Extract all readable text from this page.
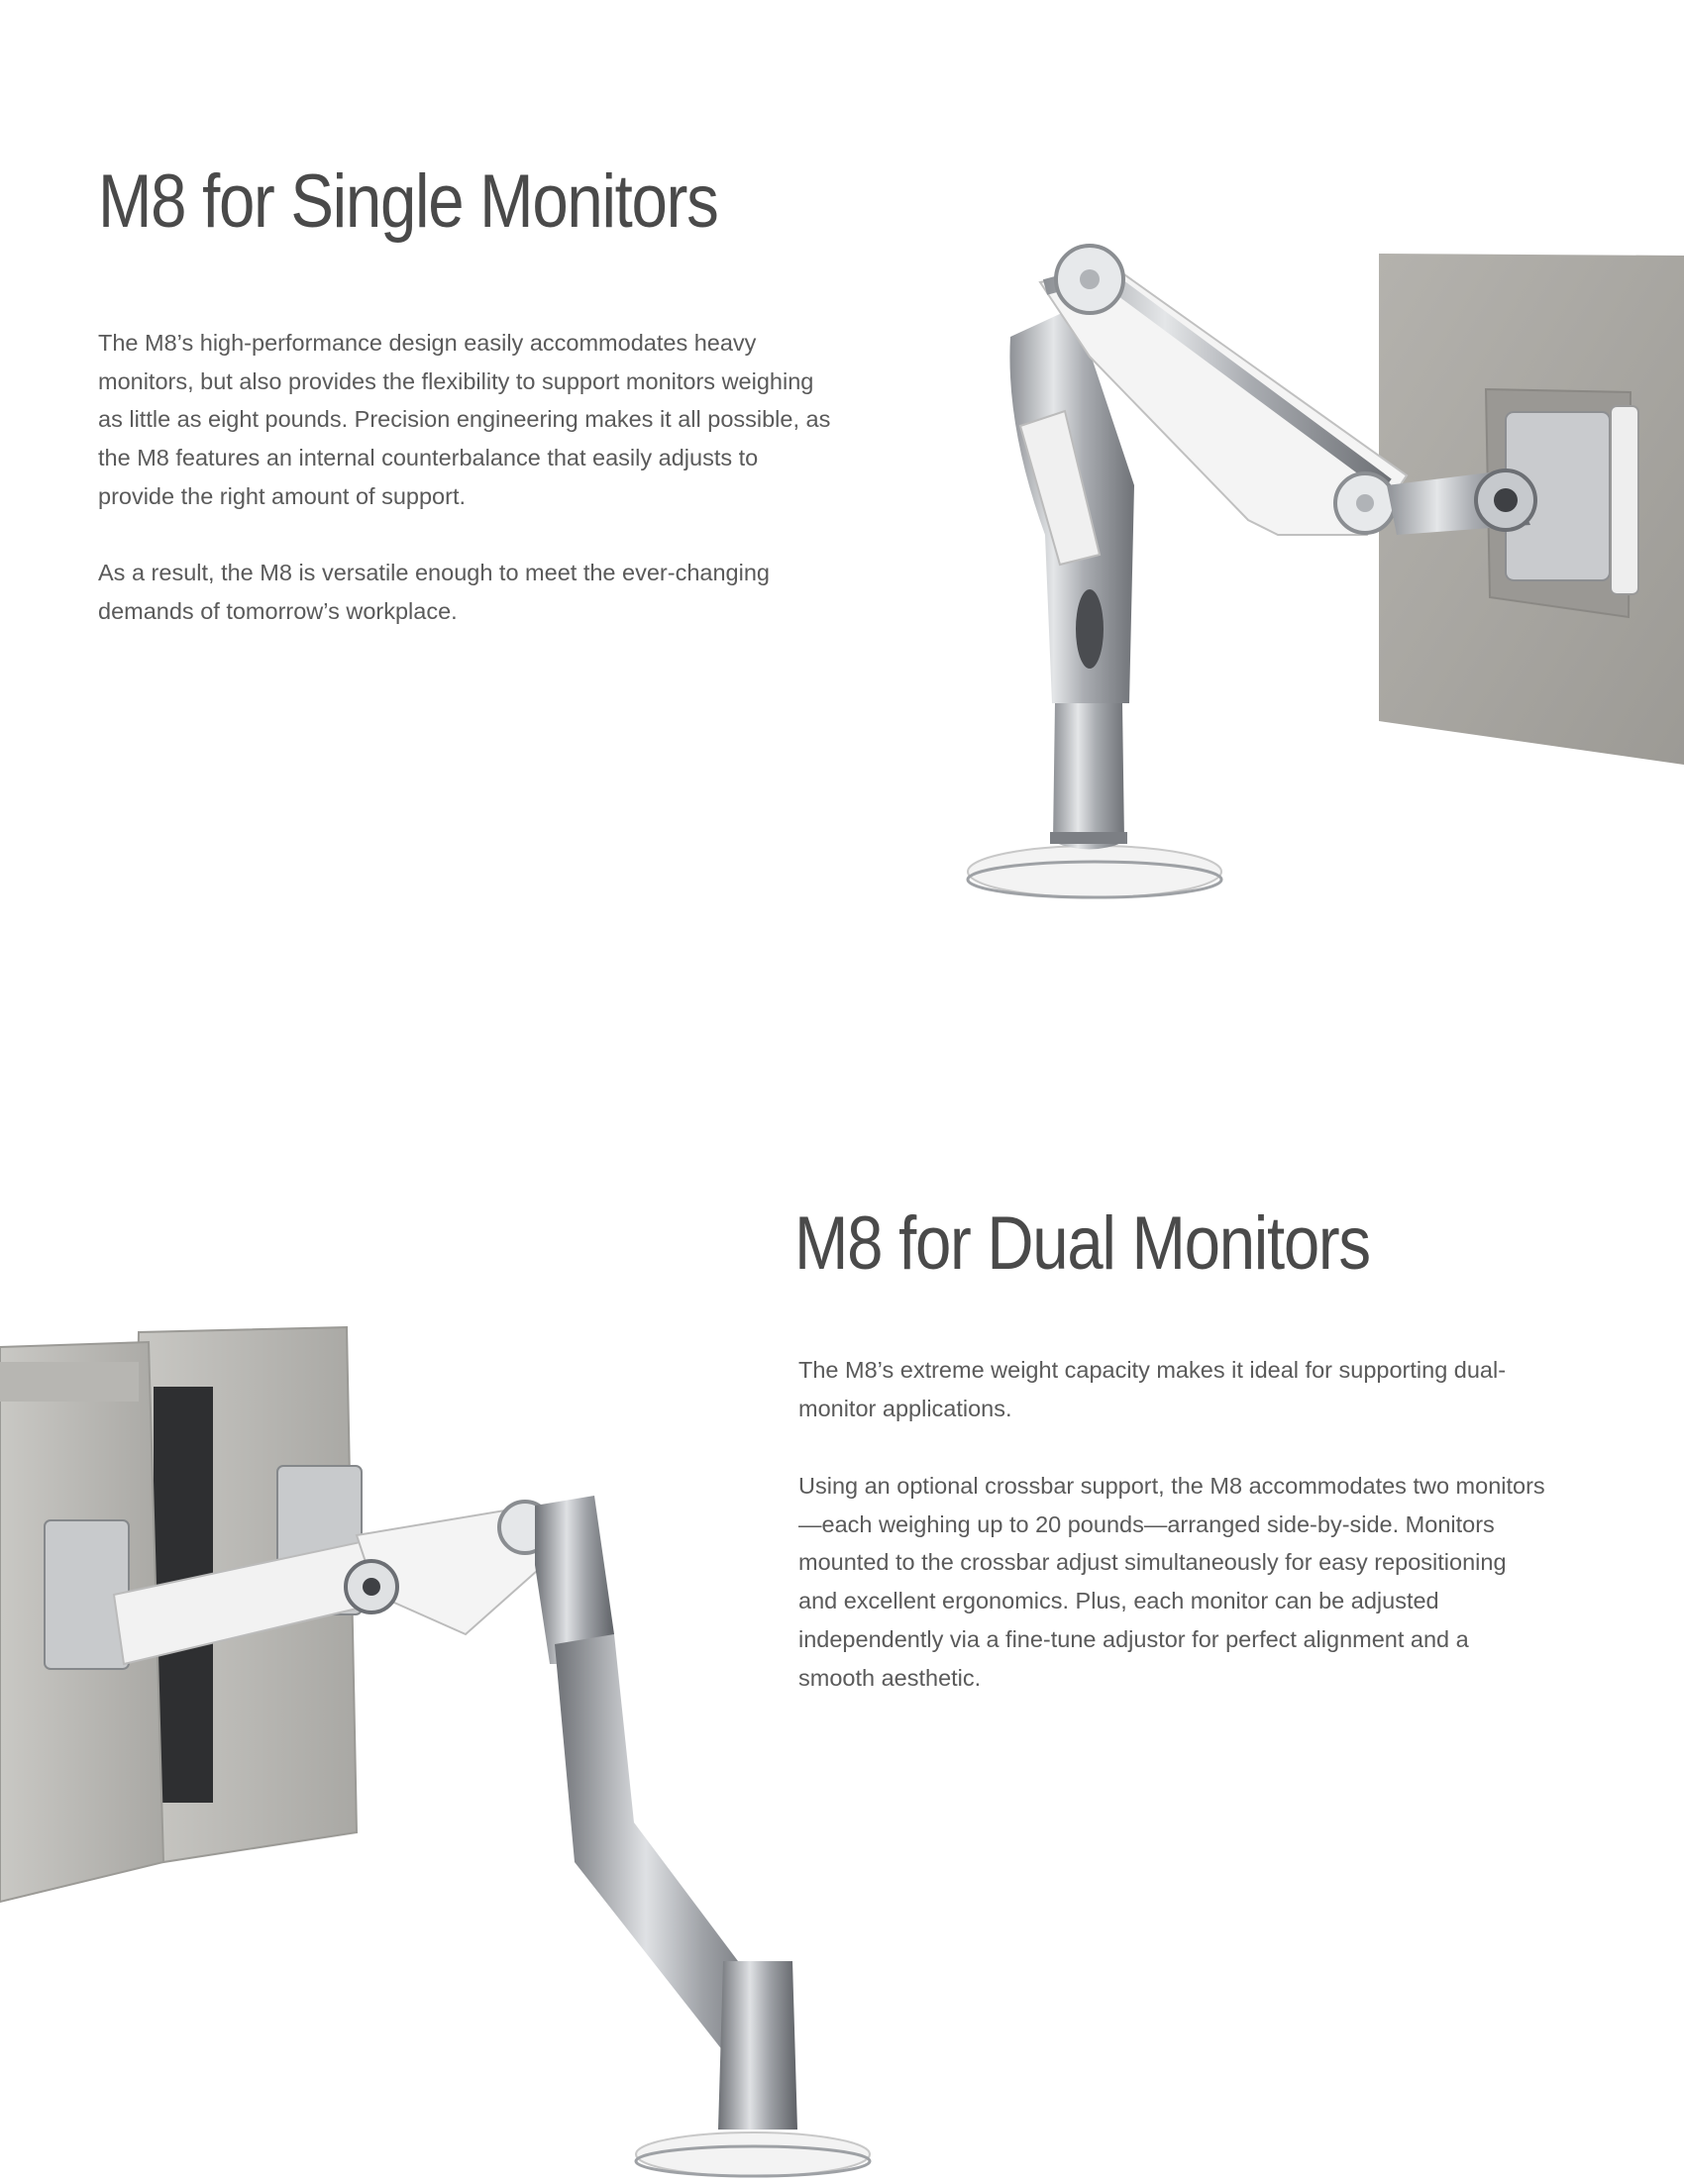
M8 for Single Monitors

The M8’s high-performance design easily accommodates heavy monitors, but also provides the flexibility to support monitors weighing as little as eight pounds. Precision engineering makes it all possible, as the M8 features an internal counterbalance that easily adjusts to provide the right amount of support.

As a result, the M8 is versatile enough to meet the ever-changing demands of tomorrow’s workplace.

M8 for Dual Monitors

The M8’s extreme weight capacity makes it ideal for supporting dual-monitor applications.

Using an optional crossbar support, the M8 accommodates two monitors—each weighing up to 20 pounds—arranged side-by-side. Monitors mounted to the crossbar adjust simultaneously for easy repositioning and excellent ergonomics. Plus, each monitor can be adjusted independently via a fine-tune adjustor for perfect alignment and a smooth aesthetic.
